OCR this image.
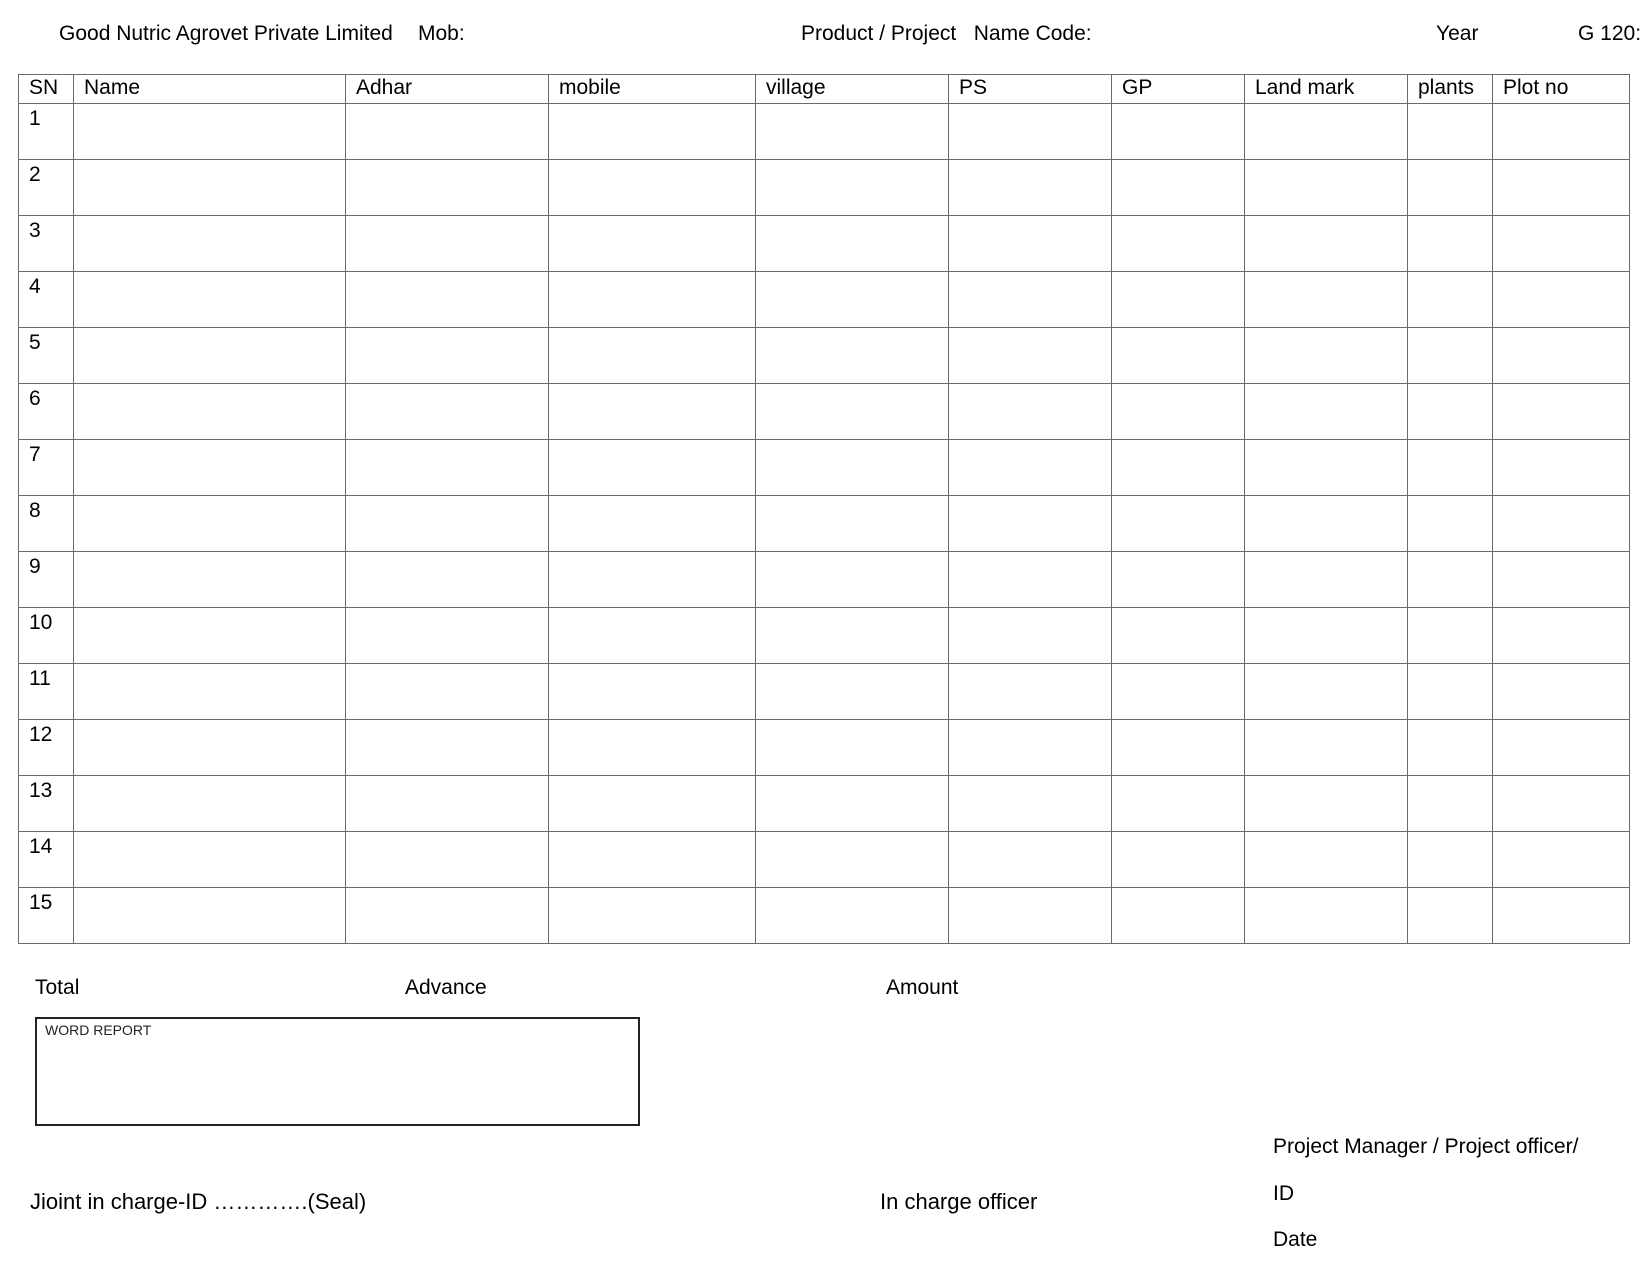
Good Nutric Agrovet Private Limited Mob:	Product / Project   Name Code:	Year	G 120:
SN	Name	Adhar	mobile	village	PS	GP	Land mark	plants	Plot no
1									
2									
3									
4									
5									
6									
7									
8									
9									
10									
11									
12									
13									
14									
15									
Total	Advance	Amount
WORD REPORT
Jioint in charge-ID ………….(Seal)	In charge officer
Project Manager / Project officer/
ID
Date
